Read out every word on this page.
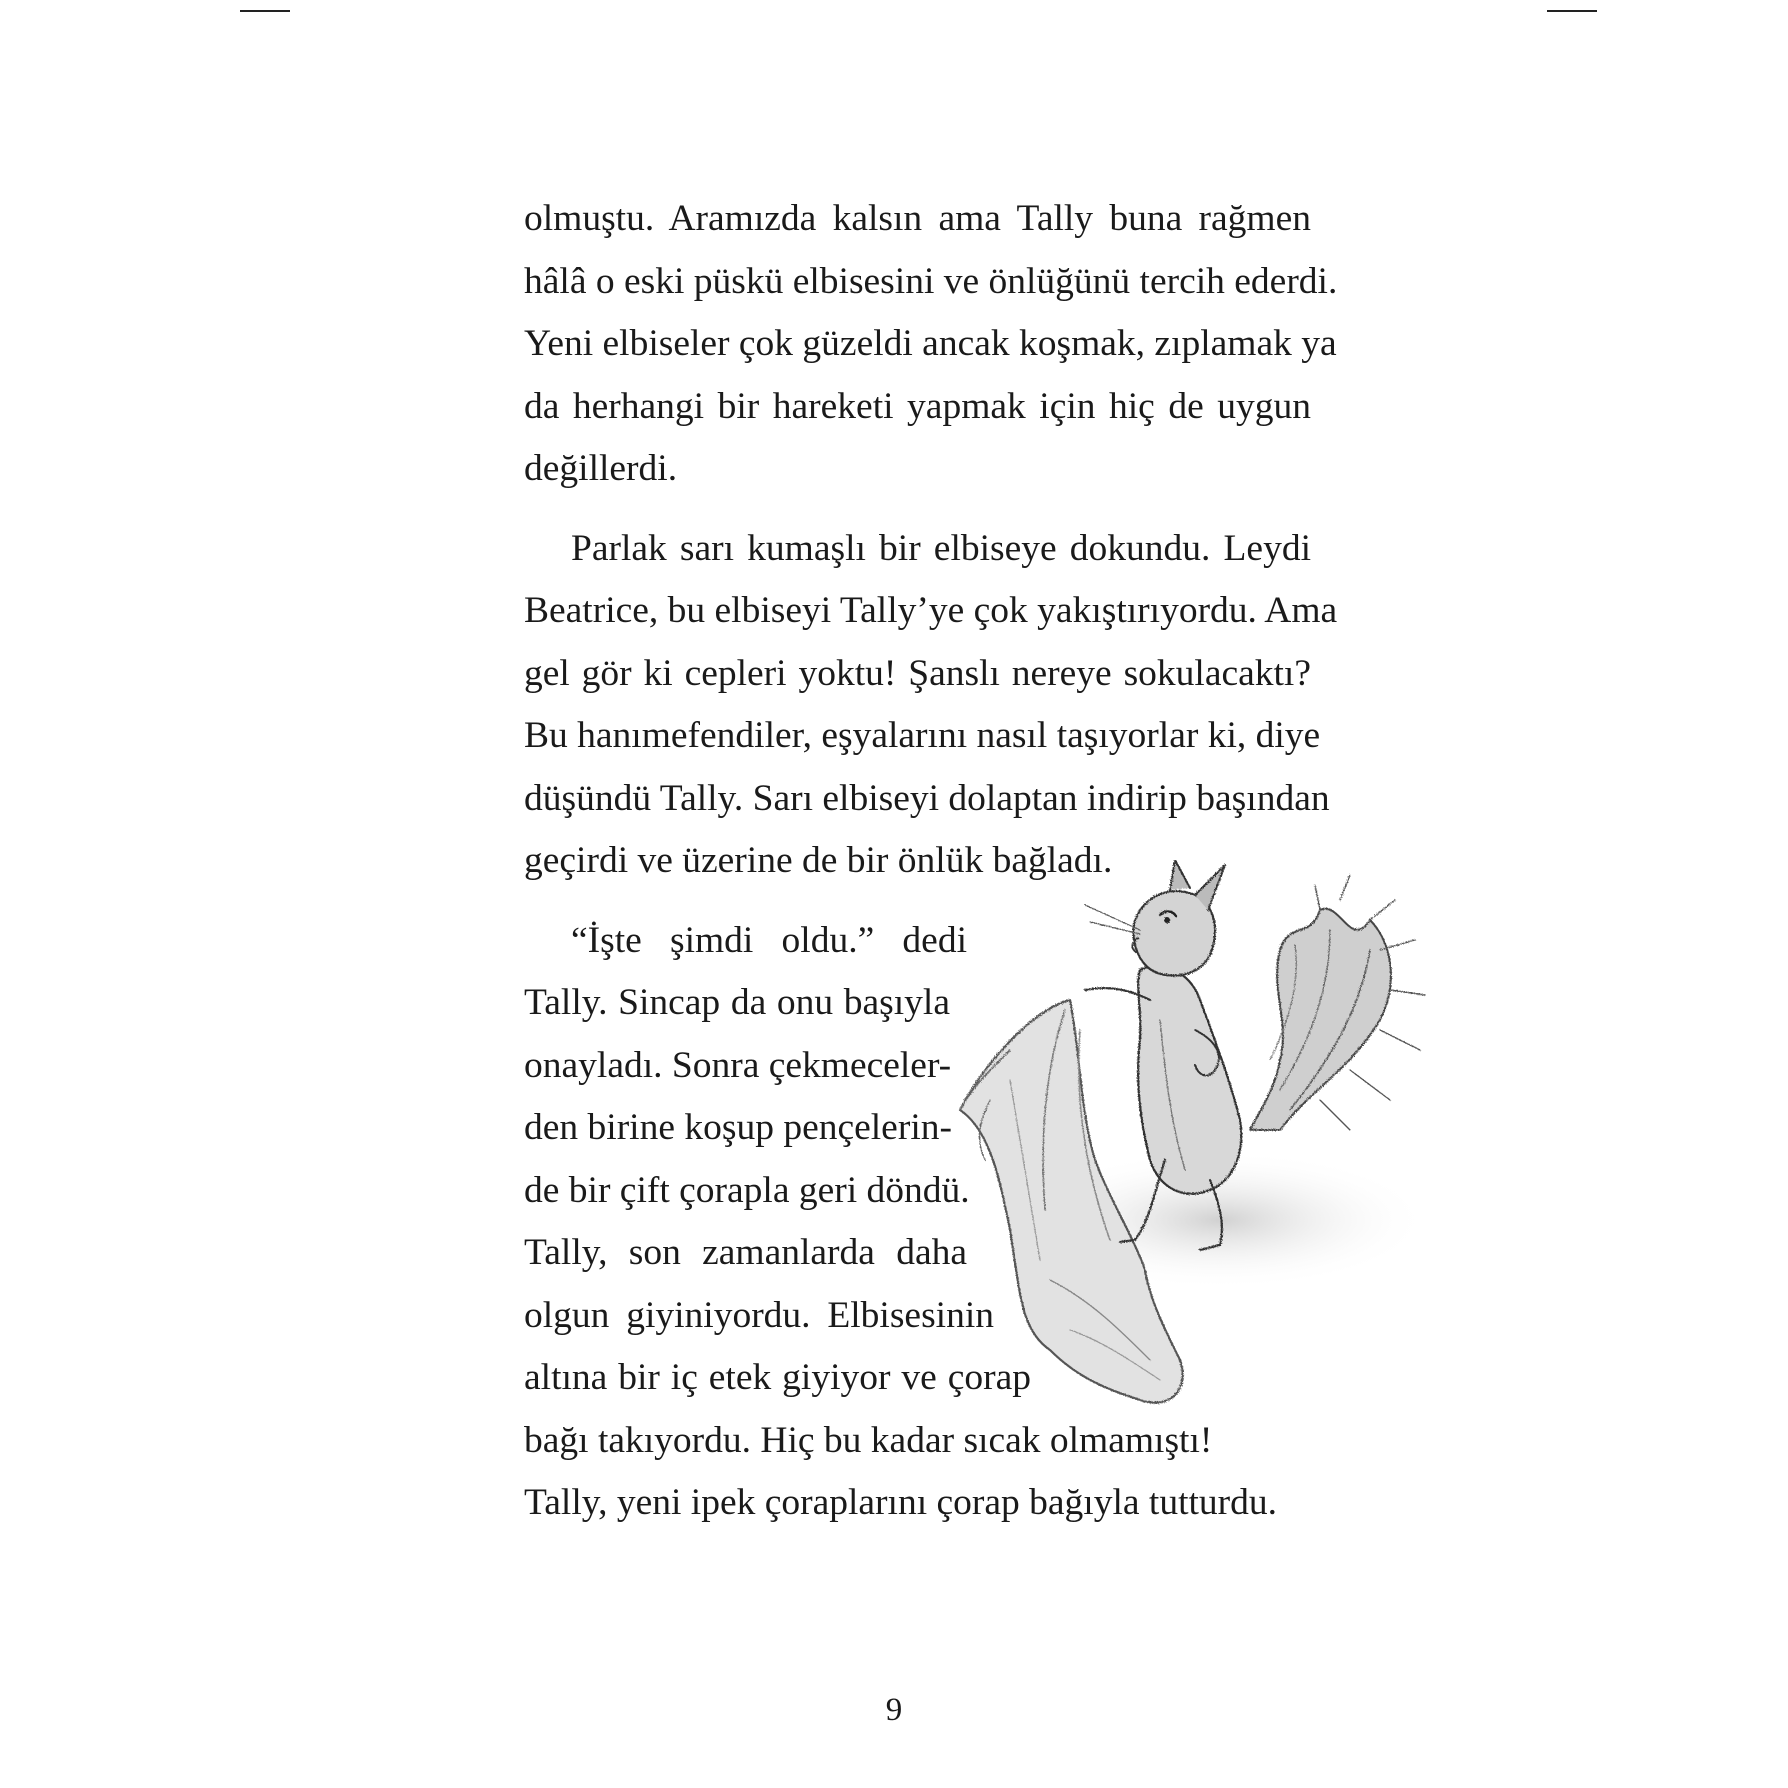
olmuştu. Aramızda kalsın ama Tally buna rağmen
hâlâ o eski püskü elbisesini ve önlüğünü tercih ederdi.
Yeni elbiseler çok güzeldi ancak koşmak, zıplamak ya
da herhangi bir hareketi yapmak için hiç de uygun
değillerdi.
Parlak sarı kumaşlı bir elbiseye dokundu. Leydi
Beatrice, bu elbiseyi Tally’ye çok yakıştırıyordu. Ama
gel gör ki cepleri yoktu! Şanslı nereye sokulacaktı?
Bu hanımefendiler, eşyalarını nasıl taşıyorlar ki, diye
düşündü Tally. Sarı elbiseyi dolaptan indirip başından
geçirdi ve üzerine de bir önlük bağladı.
“İşte şimdi oldu.” dedi
Tally. Sincap da onu başıyla
onayladı. Sonra çekmeceler-
den birine koşup pençelerin-
de bir çift çorapla geri döndü.
Tally, son zamanlarda daha
olgun giyiniyordu. Elbisesinin
altına bir iç etek giyiyor ve çorap
bağı takıyordu. Hiç bu kadar sıcak olmamıştı!
Tally, yeni ipek çoraplarını çorap bağıyla tutturdu.
9
